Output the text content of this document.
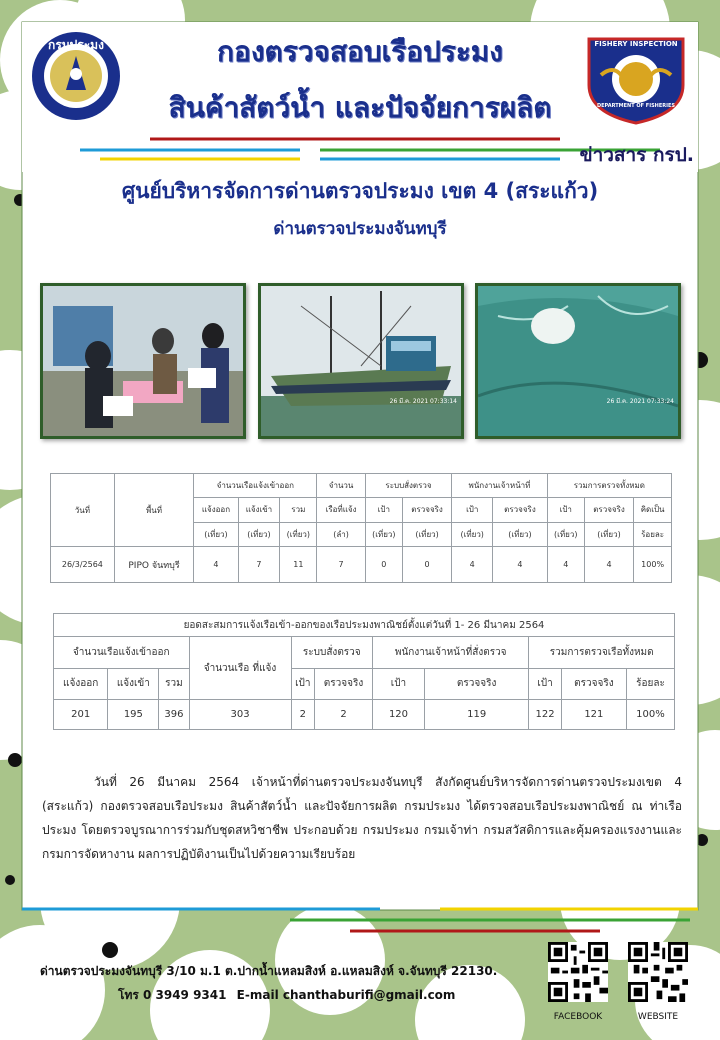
กรมประมง	FISHERY INSPECTION
DEPARTMENT OF FISHERIES
กองตรวจสอบเรือประมง
สินค้าสัตว์น้ำ และปัจจัยการผลิต
ข่าวสาร กรป.
ศูนย์บริหารจัดการด่านตรวจประมง เขต 4 (สระแก้ว)
ด่านตรวจประมงจันทบุรี
26 มี.ค. 2021 07:33:14	26 มี.ค. 2021 07:33:24
วันที่	พื้นที่	จำนวนเรือแจ้งเข้าออก			จำนวน	ระบบสั่งตรวจ		พนักงานเจ้าหน้าที่		รวมการตรวจทั้งหมด		
		แจ้งออก	แจ้งเข้า	รวม	เรือที่แจ้ง	เป้า	ตรวจจริง	เป้า	ตรวจจริง	เป้า	ตรวจจริง	คิดเป็น
		(เที่ยว)	(เที่ยว)	(เที่ยว)	(ลำ)	(เที่ยว)	(เที่ยว)	(เที่ยว)	(เที่ยว)	(เที่ยว)	(เที่ยว)	ร้อยละ
26/3/2564	PIPO จันทบุรี	4	7	11	7	0	0	4	4	4	4	100%
ยอดสะสมการแจ้งเรือเข้า-ออกของเรือประมงพาณิชย์ตั้งแต่วันที่ 1- 26 มีนาคม 2564										
จำนวนเรือแจ้งเข้าออก			จำนวนเรือ ที่แจ้ง	ระบบสั่งตรวจ		พนักงานเจ้าหน้าที่สั่งตรวจ		รวมการตรวจเรือทั้งหมด		
แจ้งออก	แจ้งเข้า	รวม		เป้า	ตรวจจริง	เป้า	ตรวจจริง	เป้า	ตรวจจริง	ร้อยละ
201	195	396	303	2	2	120	119	122	121	100%
วันที่ 26 มีนาคม 2564 เจ้าหน้าที่ด่านตรวจประมงจันทบุรี สังกัดศูนย์บริหารจัดการด่านตรวจประมงเขต 4 (สระแก้ว) กองตรวจสอบเรือประมง สินค้าสัตว์น้ำ และปัจจัยการผลิต กรมประมง ได้ตรวจสอบเรือประมงพาณิชย์ ณ ท่าเรือประมง โดยตรวจบูรณาการร่วมกับชุดสหวิชาชีพ ประกอบด้วย กรมประมง กรมเจ้าท่า กรมสวัสดิการและคุ้มครองแรงงานและกรมการจัดหางาน ผลการปฏิบัติงานเป็นไปด้วยความเรียบร้อย
ด่านตรวจประมงจันทบุรี 3/10 ม.1 ต.ปากน้ำแหลมสิงห์ อ.แหลมสิงห์ จ.จันทบุรี 22130.
โทร 0 3949 9341 E-mail chanthaburifi@gmail.com
FACEBOOK	WEBSITE
